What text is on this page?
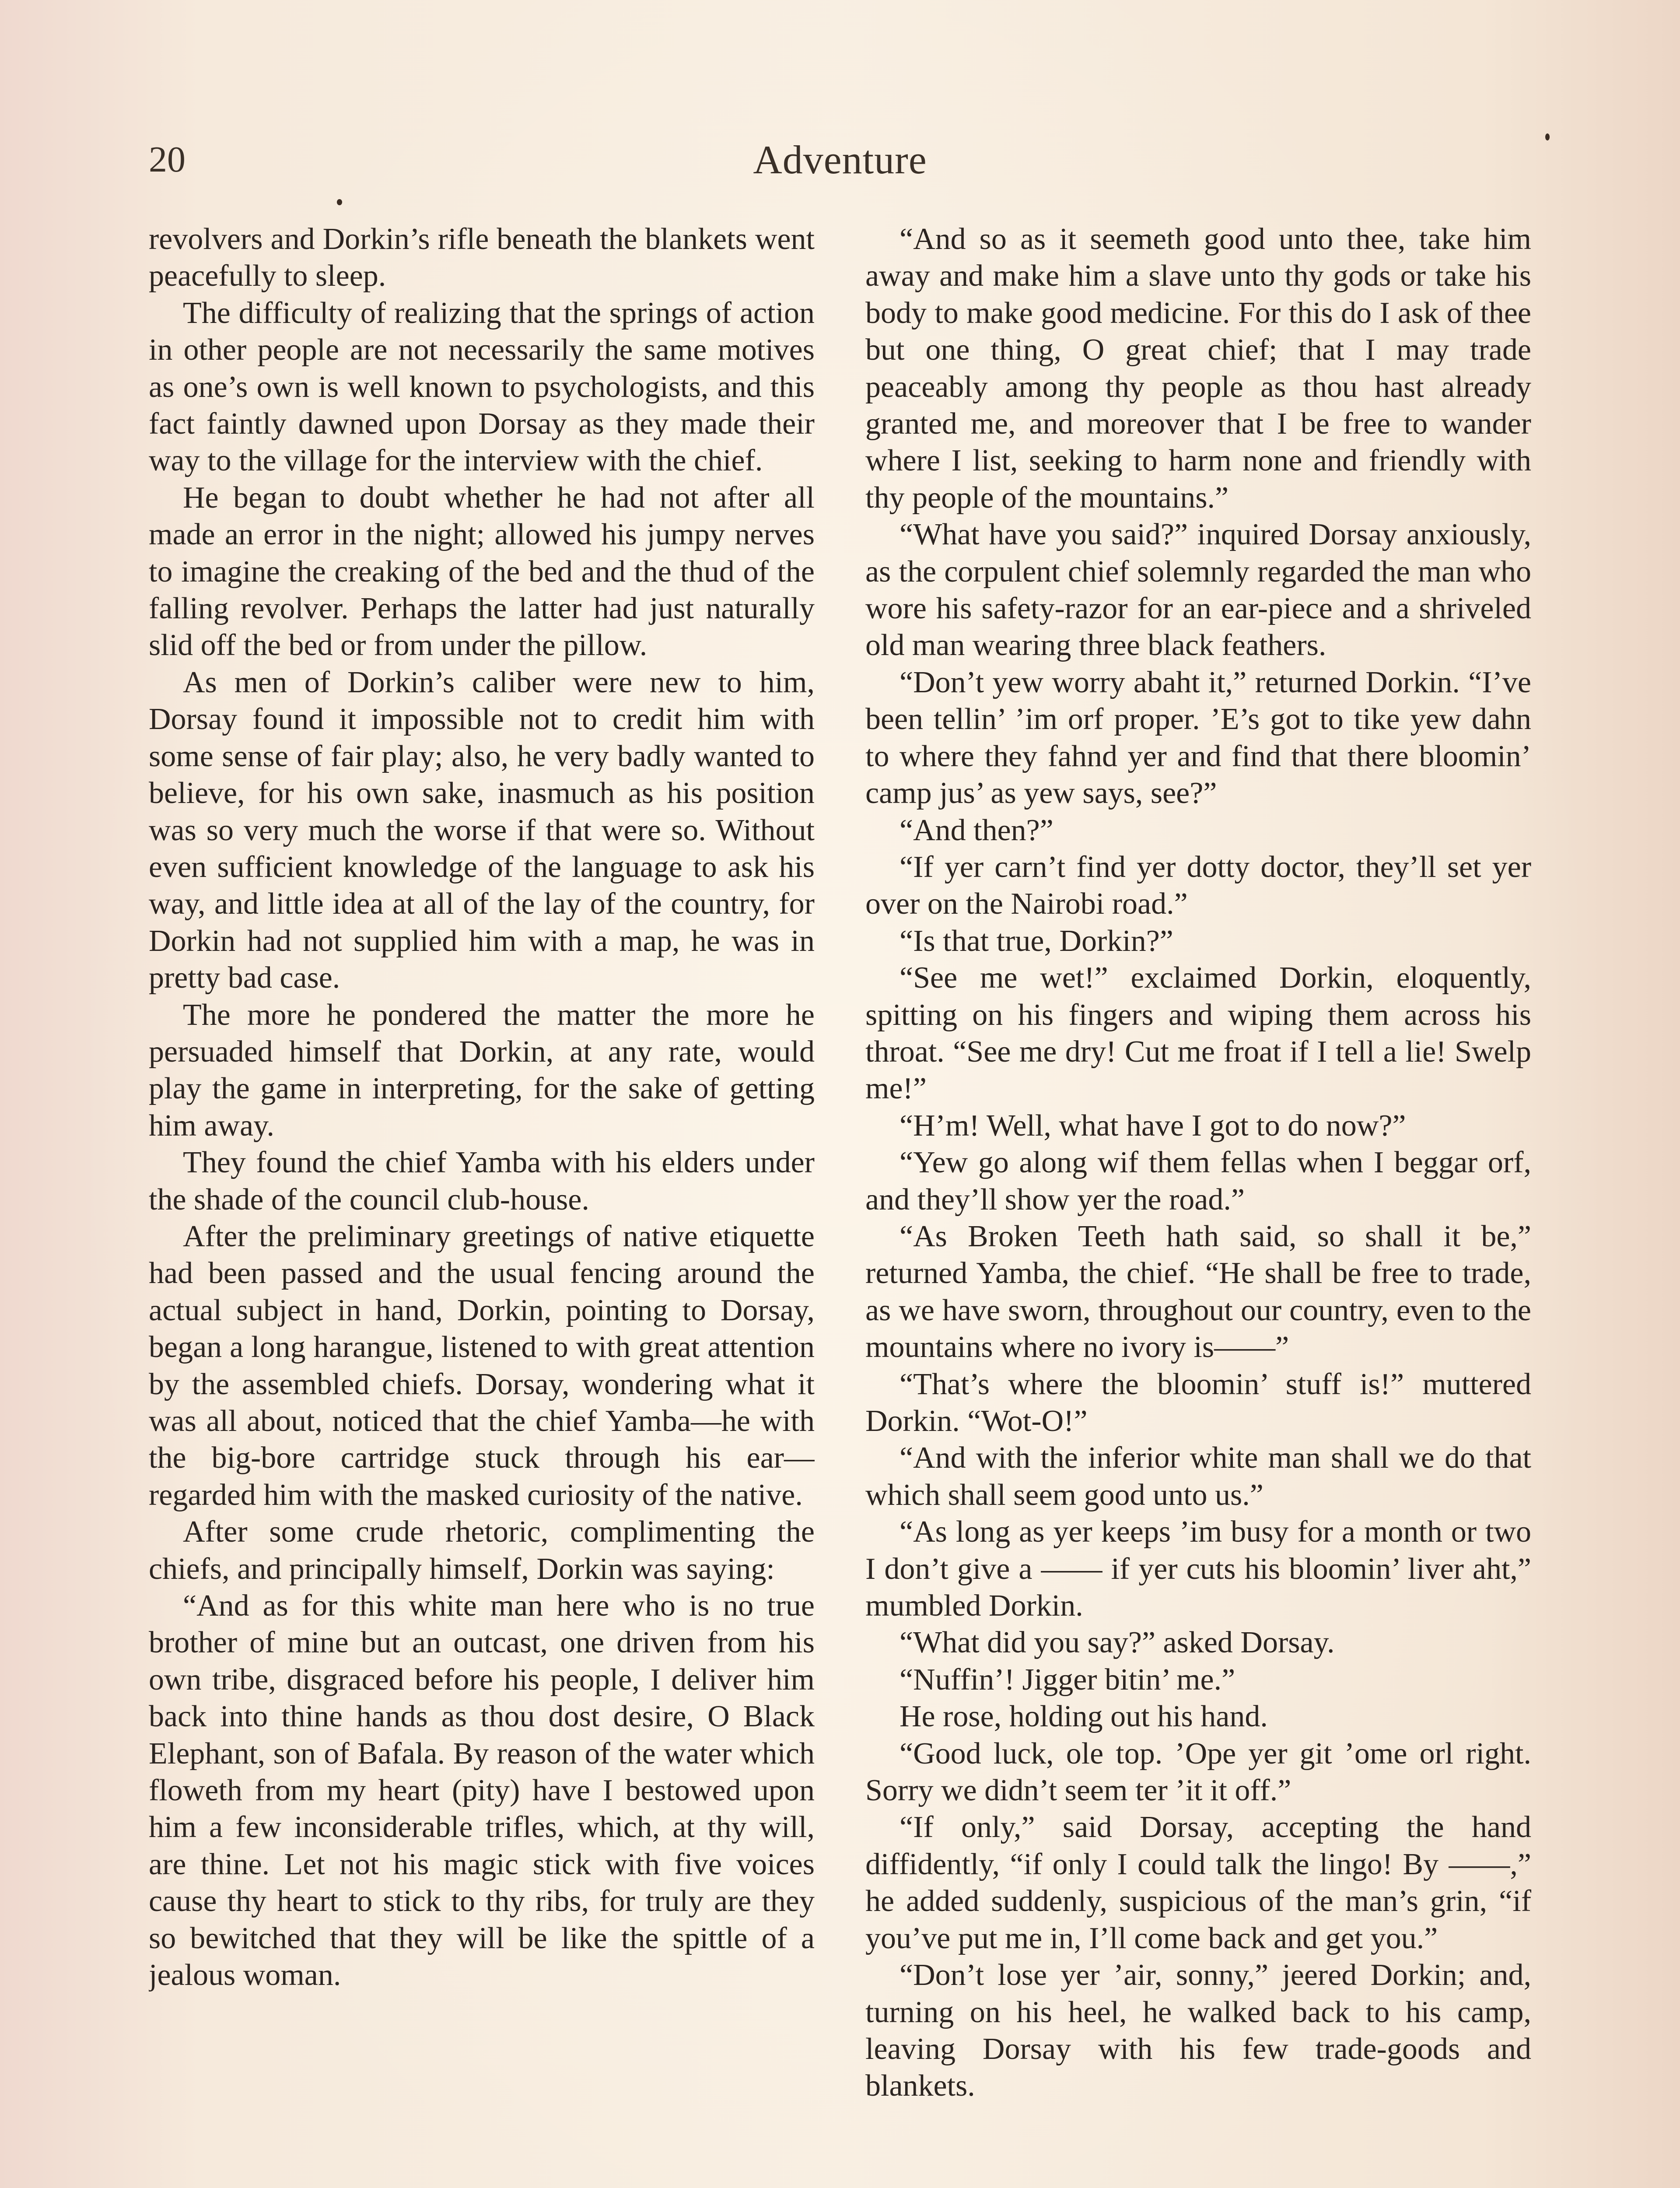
20	Adventure

revolvers and Dorkin’s rifle beneath the blankets went peacefully to sleep.

The difficulty of realizing that the springs of action in other people are not necessarily the same motives as one’s own is well known to psychologists, and this fact faintly dawned upon Dorsay as they made their way to the village for the interview with the chief.

He began to doubt whether he had not after all made an error in the night; allowed his jumpy nerves to imagine the creaking of the bed and the thud of the falling revolver. Perhaps the latter had just naturally slid off the bed or from under the pillow.

As men of Dorkin’s caliber were new to him, Dorsay found it impossible not to credit him with some sense of fair play; also, he very badly wanted to believe, for his own sake, inasmuch as his position was so very much the worse if that were so. Without even sufficient knowledge of the language to ask his way, and little idea at all of the lay of the country, for Dorkin had not supplied him with a map, he was in pretty bad case.

The more he pondered the matter the more he persuaded himself that Dorkin, at any rate, would play the game in interpreting, for the sake of getting him away.

They found the chief Yamba with his elders under the shade of the council club-house.

After the preliminary greetings of native etiquette had been passed and the usual fencing around the actual subject in hand, Dorkin, pointing to Dorsay, began a long harangue, listened to with great attention by the assembled chiefs. Dorsay, wondering what it was all about, noticed that the chief Yamba—he with the big-bore cartridge stuck through his ear—regarded him with the masked curiosity of the native.

After some crude rhetoric, complimenting the chiefs, and principally himself, Dorkin was saying:

“And as for this white man here who is no true brother of mine but an outcast, one driven from his own tribe, disgraced before his people, I deliver him back into thine hands as thou dost desire, O Black Elephant, son of Bafala. By reason of the water which floweth from my heart (pity) have I bestowed upon him a few inconsiderable trifles, which, at thy will, are thine. Let not his magic stick with five voices cause thy heart to stick to thy ribs, for truly are they so bewitched that they will be like the spittle of a jealous woman.

“And so as it seemeth good unto thee, take him away and make him a slave unto thy gods or take his body to make good medicine. For this do I ask of thee but one thing, O great chief; that I may trade peaceably among thy people as thou hast already granted me, and moreover that I be free to wander where I list, seeking to harm none and friendly with thy people of the mountains.”

“What have you said?” inquired Dorsay anxiously, as the corpulent chief solemnly regarded the man who wore his safety-razor for an ear-piece and a shriveled old man wearing three black feathers.

“Don’t yew worry abaht it,” returned Dorkin. “I’ve been tellin’ ’im orf proper. ’E’s got to tike yew dahn to where they fahnd yer and find that there bloomin’ camp jus’ as yew says, see?”

“And then?”

“If yer carn’t find yer dotty doctor, they’ll set yer over on the Nairobi road.”

“Is that true, Dorkin?”

“See me wet!” exclaimed Dorkin, eloquently, spitting on his fingers and wiping them across his throat. “See me dry! Cut me froat if I tell a lie! Swelp me!”

“H’m! Well, what have I got to do now?”

“Yew go along wif them fellas when I beggar orf, and they’ll show yer the road.”

“As Broken Teeth hath said, so shall it be,” returned Yamba, the chief. “He shall be free to trade, as we have sworn, throughout our country, even to the mountains where no ivory is——”

“That’s where the bloomin’ stuff is!” muttered Dorkin. “Wot-O!”

“And with the inferior white man shall we do that which shall seem good unto us.”

“As long as yer keeps ’im busy for a month or two I don’t give a —— if yer cuts his bloomin’ liver aht,” mumbled Dorkin.

“What did you say?” asked Dorsay.

“Nuffin’! Jigger bitin’ me.”

He rose, holding out his hand.

“Good luck, ole top. ’Ope yer git ’ome orl right. Sorry we didn’t seem ter ’it it off.”

“If only,” said Dorsay, accepting the hand diffidently, “if only I could talk the lingo! By ——,” he added suddenly, suspicious of the man’s grin, “if you’ve put me in, I’ll come back and get you.”

“Don’t lose yer ’air, sonny,” jeered Dorkin; and, turning on his heel, he walked back to his camp, leaving Dorsay with his few trade-goods and blankets.
